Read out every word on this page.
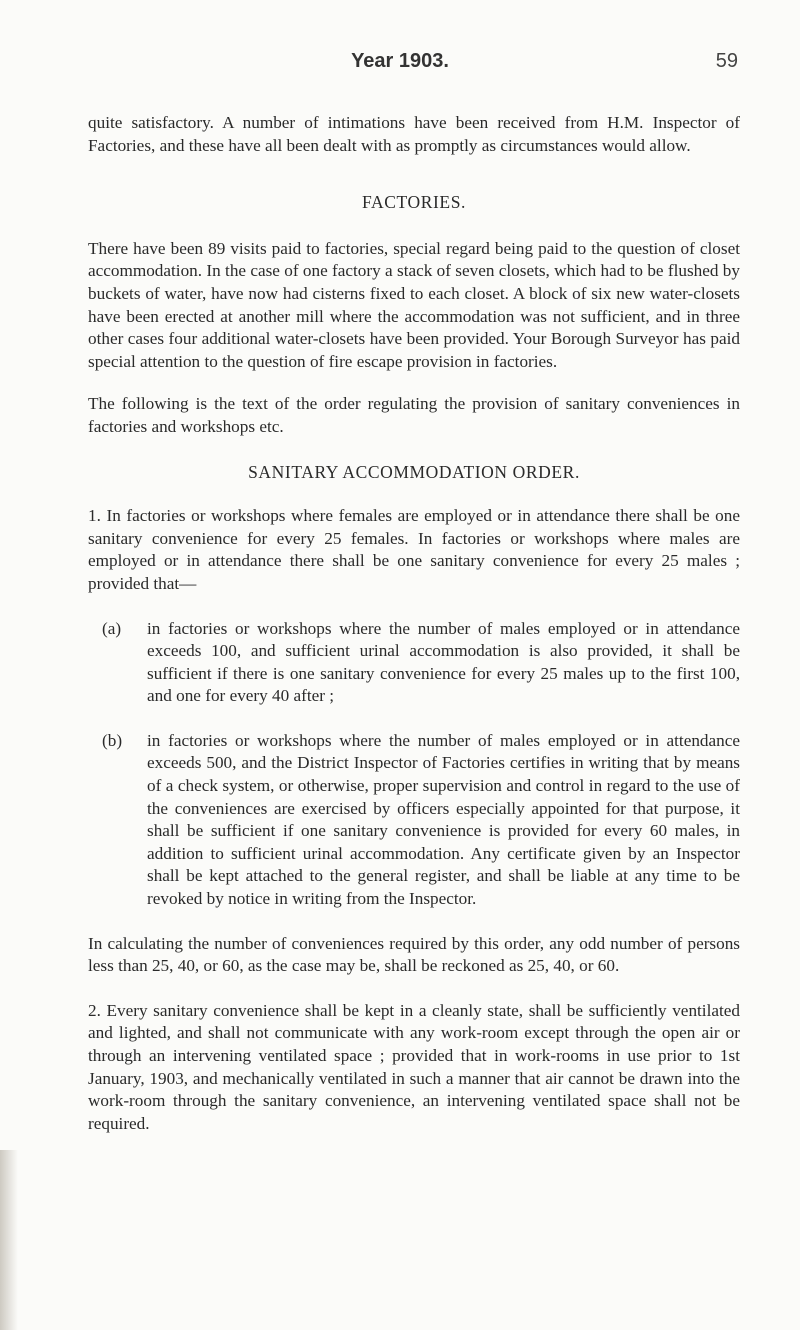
Year 1903.	59

quite satisfactory. A number of intimations have been received from H.M. Inspector of Factories, and these have all been dealt with as promptly as circumstances would allow.

FACTORIES.

There have been 89 visits paid to factories, special regard being paid to the question of closet accommodation. In the case of one factory a stack of seven closets, which had to be flushed by buckets of water, have now had cisterns fixed to each closet. A block of six new water-closets have been erected at another mill where the accommodation was not sufficient, and in three other cases four additional water-closets have been provided. Your Borough Surveyor has paid special attention to the question of fire escape provision in factories.

The following is the text of the order regulating the provision of sanitary conveniences in factories and workshops etc.

SANITARY ACCOMMODATION ORDER.

1. In factories or workshops where females are employed or in attendance there shall be one sanitary convenience for every 25 females. In factories or workshops where males are employed or in attendance there shall be one sanitary convenience for every 25 males ; provided that—

(a) in factories or workshops where the number of males employed or in attendance exceeds 100, and sufficient urinal accommodation is also provided, it shall be sufficient if there is one sanitary convenience for every 25 males up to the first 100, and one for every 40 after ;

(b) in factories or workshops where the number of males employed or in attendance exceeds 500, and the District Inspector of Factories certifies in writing that by means of a check system, or otherwise, proper supervision and control in regard to the use of the conveniences are exercised by officers especially appointed for that purpose, it shall be sufficient if one sanitary convenience is provided for every 60 males, in addition to sufficient urinal accommodation. Any certificate given by an Inspector shall be kept attached to the general register, and shall be liable at any time to be revoked by notice in writing from the Inspector.

In calculating the number of conveniences required by this order, any odd number of persons less than 25, 40, or 60, as the case may be, shall be reckoned as 25, 40, or 60.

2. Every sanitary convenience shall be kept in a cleanly state, shall be sufficiently ventilated and lighted, and shall not communicate with any work-room except through the open air or through an intervening ventilated space ; provided that in work-rooms in use prior to 1st January, 1903, and mechanically ventilated in such a manner that air cannot be drawn into the work-room through the sanitary convenience, an intervening ventilated space shall not be required.
